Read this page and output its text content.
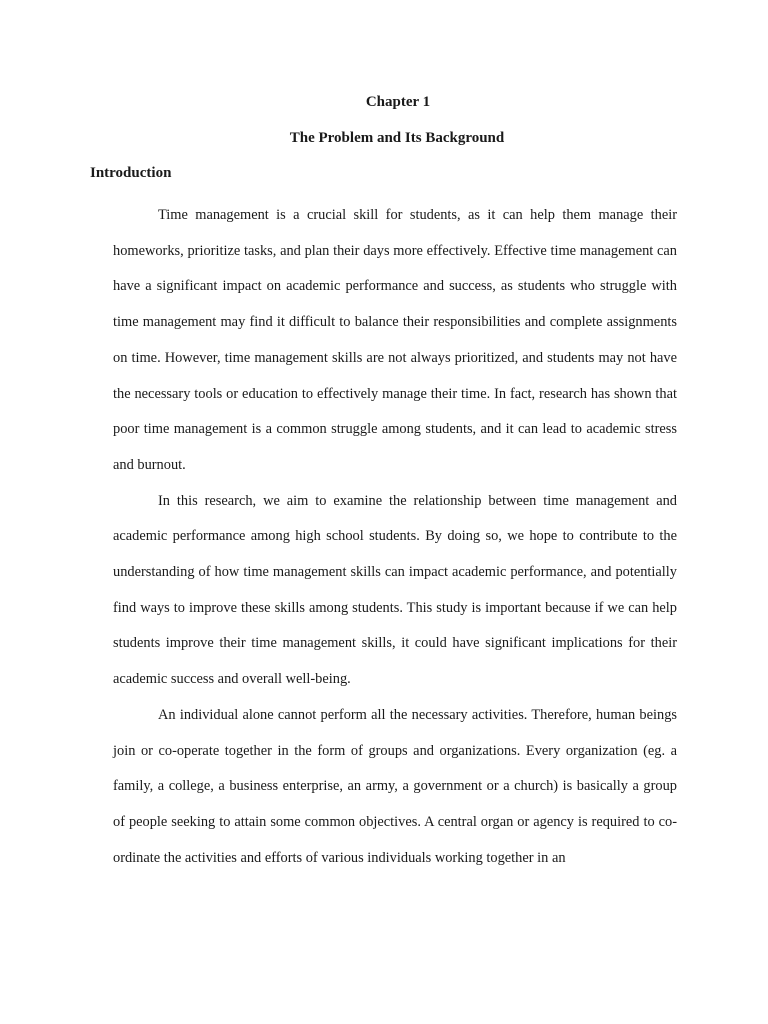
Chapter 1
The Problem and Its Background
Introduction

Time management is a crucial skill for students, as it can help them manage their homeworks, prioritize tasks, and plan their days more effectively. Effective time management can have a significant impact on academic performance and success, as students who struggle with time management may find it difficult to balance their responsibilities and complete assignments on time. However, time management skills are not always prioritized, and students may not have the necessary tools or education to effectively manage their time. In fact, research has shown that poor time management is a common struggle among students, and it can lead to academic stress and burnout.

In this research, we aim to examine the relationship between time management and academic performance among high school students. By doing so, we hope to contribute to the understanding of how time management skills can impact academic performance, and potentially find ways to improve these skills among students. This study is important because if we can help students improve their time management skills, it could have significant implications for their academic success and overall well-being.

An individual alone cannot perform all the necessary activities. Therefore, human beings join or co-operate together in the form of groups and organizations. Every organization (eg. a family, a college, a business enterprise, an army, a government or a church) is basically a group of people seeking to attain some common objectives. A central organ or agency is required to co-ordinate the activities and efforts of various individuals working together in an
